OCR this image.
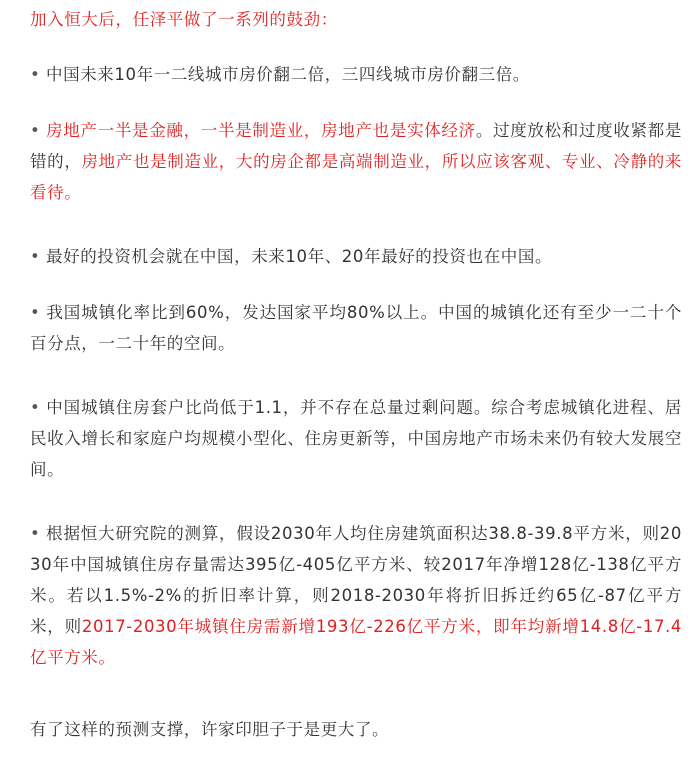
加入恒大后，任泽平做了一系列的鼓劲：

• 中国未来10年一二线城市房价翻二倍，三四线城市房价翻三倍。

• 房地产一半是金融，一半是制造业，房地产也是实体经济。过度放松和过度收紧都是错的，房地产也是制造业，大的房企都是高端制造业，所以应该客观、专业、冷静的来看待。

• 最好的投资机会就在中国，未来10年、20年最好的投资也在中国。

• 我国城镇化率比到60%，发达国家平均80%以上。中国的城镇化还有至少一二十个百分点，一二十年的空间。

• 中国城镇住房套户比尚低于1.1，并不存在总量过剩问题。综合考虑城镇化进程、居民收入增长和家庭户均规模小型化、住房更新等，中国房地产市场未来仍有较大发展空间。

• 根据恒大研究院的测算，假设2030年人均住房建筑面积达38.8-39.8平方米，则2030年中国城镇住房存量需达395亿-405亿平方米、较2017年净增128亿-138亿平方米。若以1.5%-2%的折旧率计算，则2018-2030年将折旧拆迁约65亿-87亿平方米，则2017-2030年城镇住房需新增193亿-226亿平方米，即年均新增14.8亿-17.4亿平方米。

有了这样的预测支撑，许家印胆子于是更大了。
